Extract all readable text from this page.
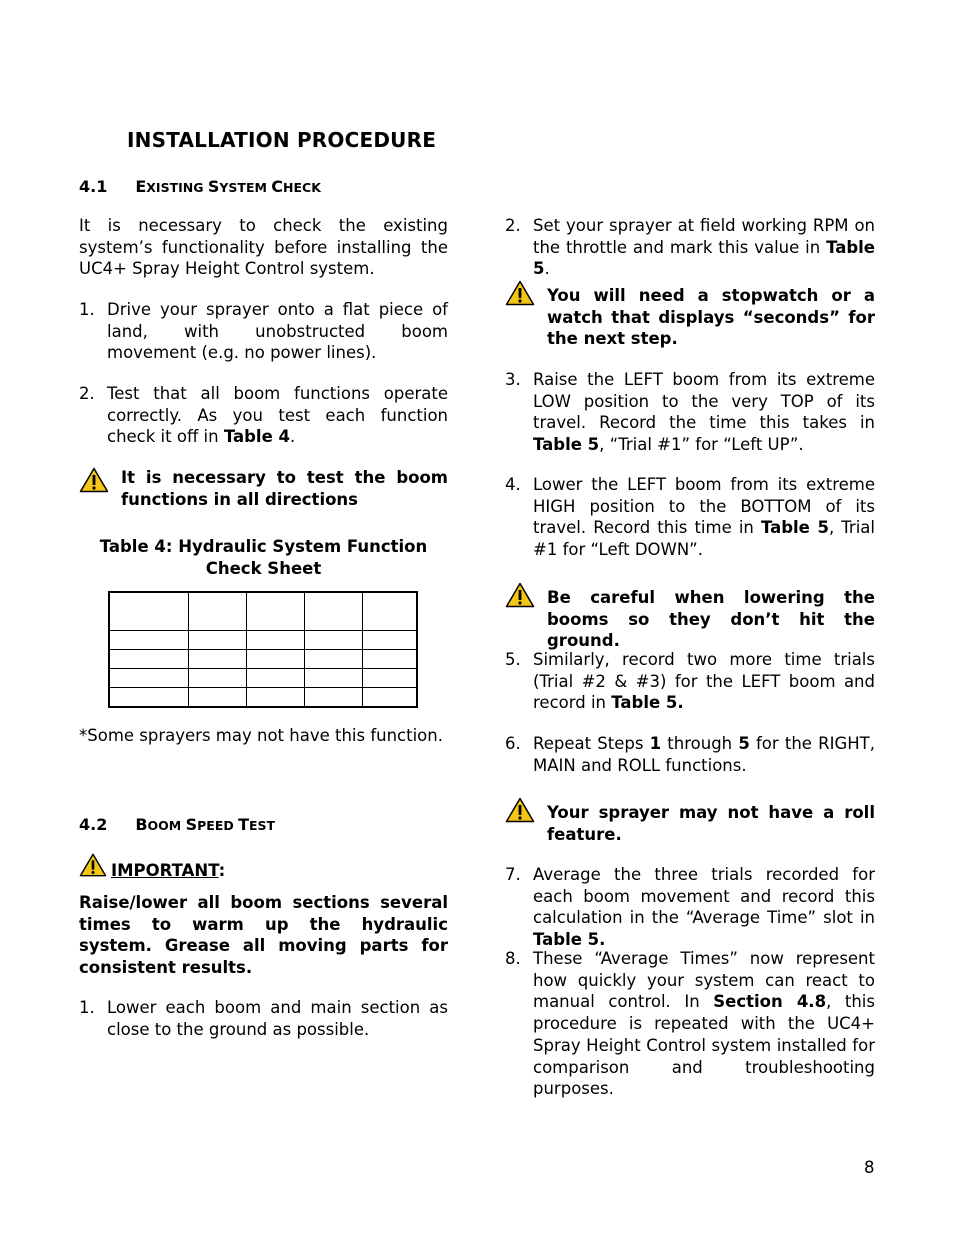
INSTALLATION PROCEDURE
4.1 EXISTING SYSTEM CHECK
It is necessary to check the existing system’s functionality before installing the UC4+ Spray Height Control system.
1. Drive your sprayer onto a flat piece of land, with unobstructed boom movement (e.g. no power lines).
2. Test that all boom functions operate correctly. As you test each function check it off in Table 4.
It is necessary to test the boom functions in all directions
Table 4: Hydraulic System Function
Check Sheet

*Some sprayers may not have this function.
4.2 BOOM SPEED TEST
IMPORTANT:
Raise/lower all boom sections several times to warm up the hydraulic system. Grease all moving parts for consistent results.
1. Lower each boom and main section as close to the ground as possible.
2. Set your sprayer at field working RPM on the throttle and mark this value in Table 5.
You will need a stopwatch or a watch that displays “seconds” for the next step.
3. Raise the LEFT boom from its extreme LOW position to the very TOP of its travel. Record the time this takes in Table 5, “Trial #1” for “Left UP”.
4. Lower the LEFT boom from its extreme HIGH position to the BOTTOM of its travel. Record this time in Table 5, Trial #1 for “Left DOWN”.
Be careful when lowering the booms so they don’t hit the ground.
5. Similarly, record two more time trials (Trial #2 & #3) for the LEFT boom and record in Table 5.
6. Repeat Steps 1 through 5 for the RIGHT, MAIN and ROLL functions.
Your sprayer may not have a roll feature.
7. Average the three trials recorded for each boom movement and record this calculation in the “Average Time” slot in Table 5.
8. These “Average Times” now represent how quickly your system can react to manual control. In Section 4.8, this procedure is repeated with the UC4+ Spray Height Control system installed for comparison and troubleshooting purposes.
8
